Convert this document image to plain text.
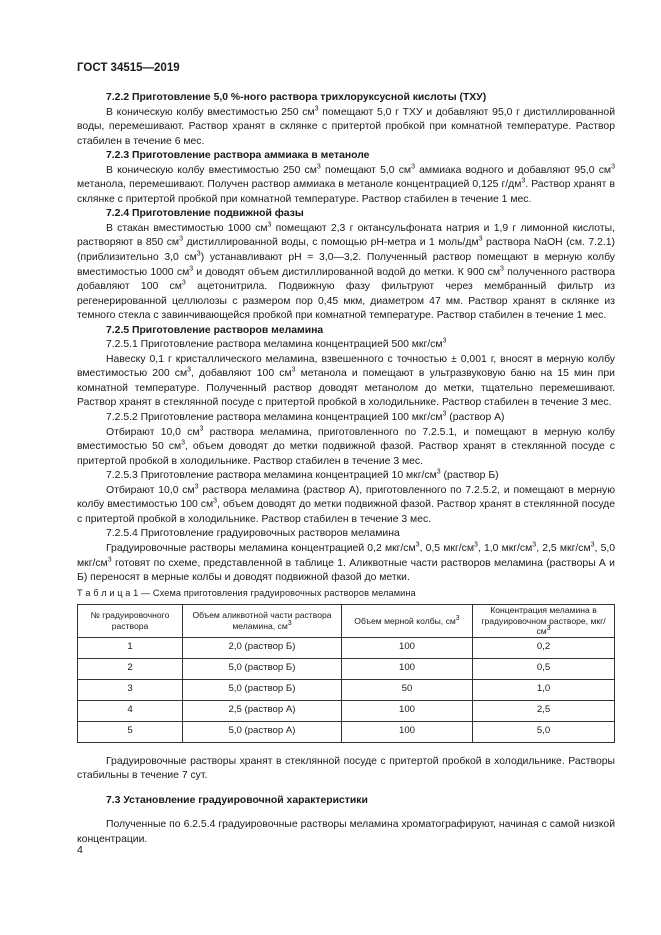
ГОСТ 34515—2019

7.2.2 Приготовление 5,0 %-ного раствора трихлоруксусной кислоты (ТХУ)

В коническую колбу вместимостью 250 $см^3$ помещают 5,0 г ТХУ и добавляют 95,0 г дистиллированной воды, перемешивают. Раствор хранят в склянке с притертой пробкой при комнатной температуре. Раствор стабилен в течение 6 мес.

7.2.3 Приготовление раствора аммиака в метаноле

В коническую колбу вместимостью 250 $см^3$ помещают 5,0 $см^3$ аммиака водного и добавляют 95,0 $см^3$ метанола, перемешивают. Получен раствор аммиака в метаноле концентрацией 0,125 $г/дм^3$. Раствор хранят в склянке с притертой пробкой при комнатной температуре. Раствор стабилен в течение 1 мес.

7.2.4 Приготовление подвижной фазы

В стакан вместимостью 1000 $см^3$ помещают 2,3 г октансульфоната натрия и 1,9 г лимонной кислоты, растворяют в 850 $см^3$ дистиллированной воды, с помощью рН-метра и 1 моль/$дм^3$ раствора NaOH (см. 7.2.1) (приблизительно 3,0 $см^3$) устанавливают рН = 3,0—3,2. Полученный раствор помещают в мерную колбу вместимостью 1000 $см^3$ и доводят объем дистиллированной водой до метки. К 900 $см^3$ полученного раствора добавляют 100 $см^3$ ацетонитрила. Подвижную фазу фильтруют через мембранный фильтр из регенерированной целлюлозы с размером пор 0,45 мкм, диаметром 47 мм. Раствор хранят в склянке из темного стекла с завинчивающейся пробкой при комнатной температуре. Раствор стабилен в течение 1 мес.

7.2.5 Приготовление растворов меламина

7.2.5.1 Приготовление раствора меламина концентрацией 500 мкг/$см^3$

Навеску 0,1 г кристаллического меламина, взвешенного с точностью ± 0,001 г, вносят в мерную колбу вместимостью 200 $см^3$, добавляют 100 $см^3$ метанола и помещают в ультразвуковую баню на 15 мин при комнатной температуре. Полученный раствор доводят метанолом до метки, тщательно перемешивают. Раствор хранят в стеклянной посуде с притертой пробкой в холодильнике. Раствор стабилен в течение 3 мес.

7.2.5.2 Приготовление раствора меламина концентрацией 100 мкг/$см^3$ (раствор А)

Отбирают 10,0 $см^3$ раствора меламина, приготовленного по 7.2.5.1, и помещают в мерную колбу вместимостью 50 $см^3$, объем доводят до метки подвижной фазой. Раствор хранят в стеклянной посуде с притертой пробкой в холодильнике. Раствор стабилен в течение 3 мес.

7.2.5.3 Приготовление раствора меламина концентрацией 10 мкг/$см^3$ (раствор Б)

Отбирают 10,0 $см^3$ раствора меламина (раствор А), приготовленного по 7.2.5.2, и помещают в мерную колбу вместимостью 100 $см^3$, объем доводят до метки подвижной фазой. Раствор хранят в стеклянной посуде с притертой пробкой в холодильнике. Раствор стабилен в течение 3 мес.

7.2.5.4 Приготовление градуировочных растворов меламина

Градуировочные растворы меламина концентрацией 0,2 мкг/$см^3$, 0,5 мкг/$см^3$, 1,0 мкг/$см^3$, 2,5 мкг/$см^3$, 5,0 мкг/$см^3$ готовят по схеме, представленной в таблице 1. Аликвотные части растворов меламина (растворы А и Б) переносят в мерные колбы и доводят подвижной фазой до метки.

Т а б л и ц а 1 — Схема приготовления градуировочных растворов меламина

№ градуировочного раствора	Объем аликвотной части раствора меламина, $см^3$	Объем мерной колбы, $см^3$	Концентрация меламина в градуировочном растворе, мкг/$см^3$
1	2,0 (раствор Б)	100	0,2
2	5,0 (раствор Б)	100	0,5
3	5,0 (раствор Б)	50	1,0
4	2,5 (раствор А)	100	2,5
5	5,0 (раствор А)	100	5,0

Градуировочные растворы хранят в стеклянной посуде с притертой пробкой в холодильнике. Растворы стабильны в течение 7 сут.

7.3 Установление градуировочной характеристики

Полученные по 6.2.5.4 градуировочные растворы меламина хроматографируют, начиная с самой низкой концентрации.

4
